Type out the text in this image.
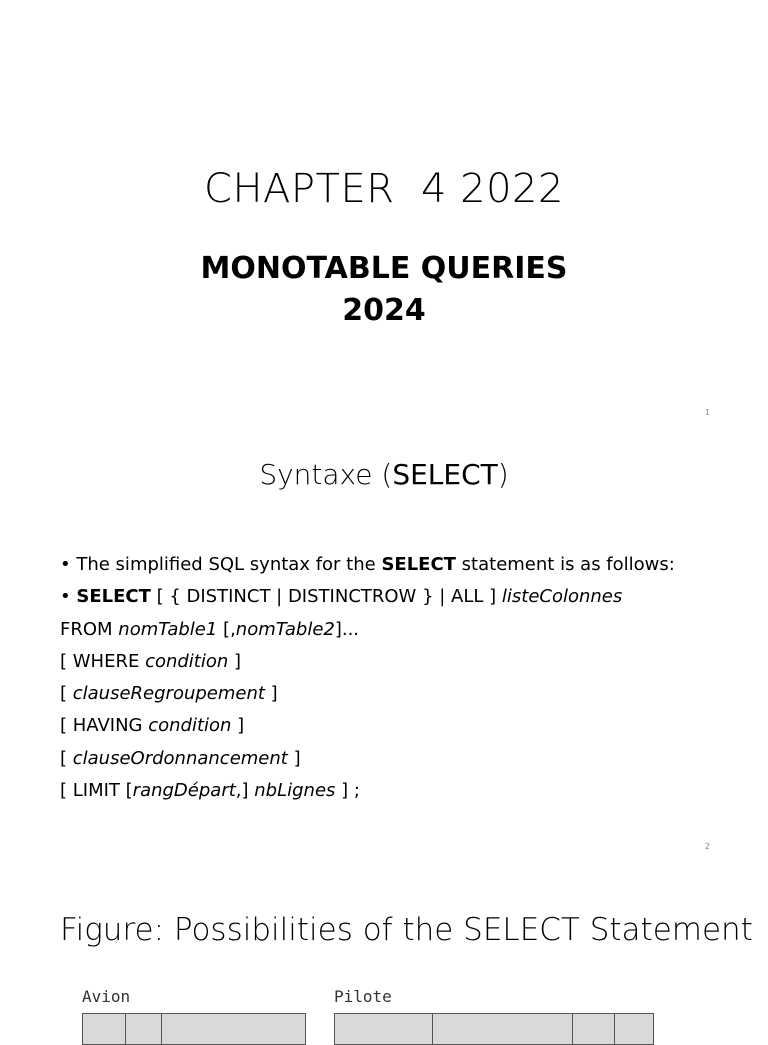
CHAPTER  4 2022
MONOTABLE QUERIES
2024
1
Syntaxe (SELECT)
• The simplified SQL syntax for the SELECT statement is as follows:
• SELECT [ { DISTINCT | DISTINCTROW } | ALL ] listeColonnes
FROM nomTable1 [,nomTable2]...
[ WHERE condition ]
[ clauseRegroupement ]
[ HAVING condition ]
[ clauseOrdonnancement ]
[ LIMIT [rangDépart,] nbLignes ] ;
2
Figure: Possibilities of the SELECT Statement
Avion	Pilote
